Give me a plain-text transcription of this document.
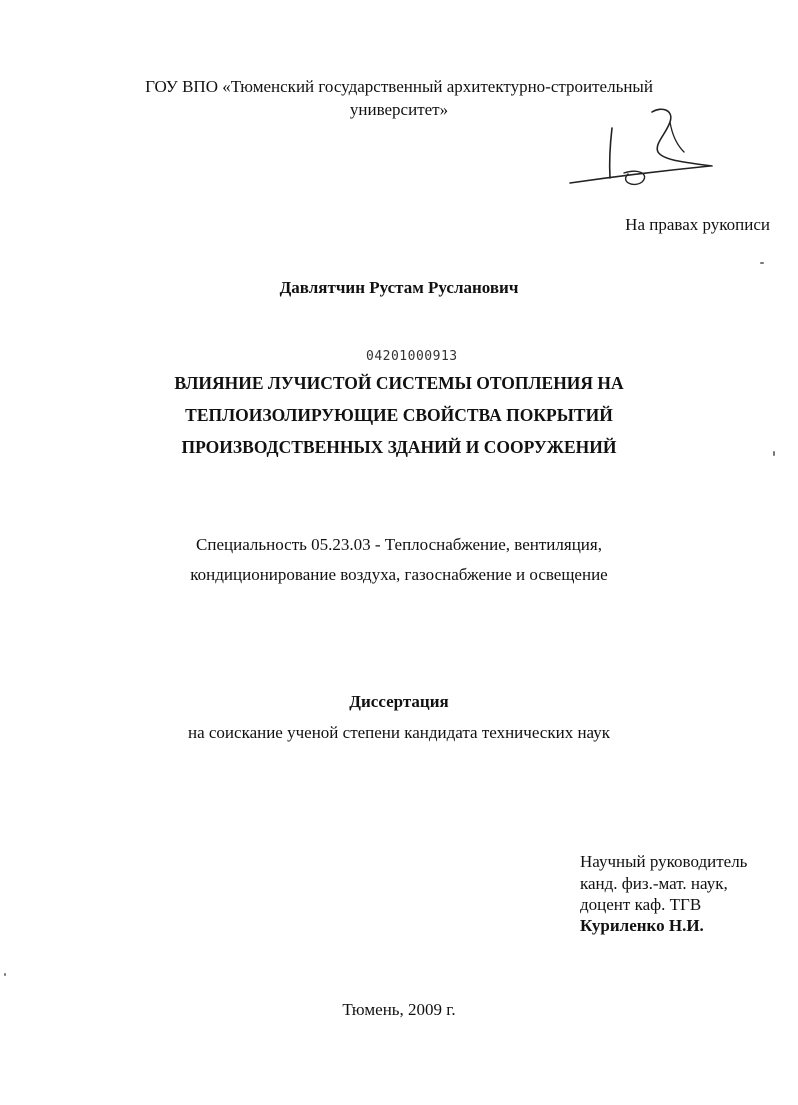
ГОУ ВПО «Тюменский государственный архитектурно-строительный
университет»
На правах рукописи
Давлятчин Рустам Русланович
04201000913
ВЛИЯНИЕ ЛУЧИСТОЙ СИСТЕМЫ ОТОПЛЕНИЯ НА
ТЕПЛОИЗОЛИРУЮЩИЕ СВОЙСТВА ПОКРЫТИЙ
ПРОИЗВОДСТВЕННЫХ ЗДАНИЙ И СООРУЖЕНИЙ
Специальность 05.23.03 - Теплоснабжение, вентиляция,
кондиционирование воздуха, газоснабжение и освещение
Диссертация
на соискание ученой степени кандидата технических наук
Научный руководитель
канд. физ.-мат. наук,
доцент каф. ТГВ
Куриленко Н.И.
Тюмень, 2009 г.
